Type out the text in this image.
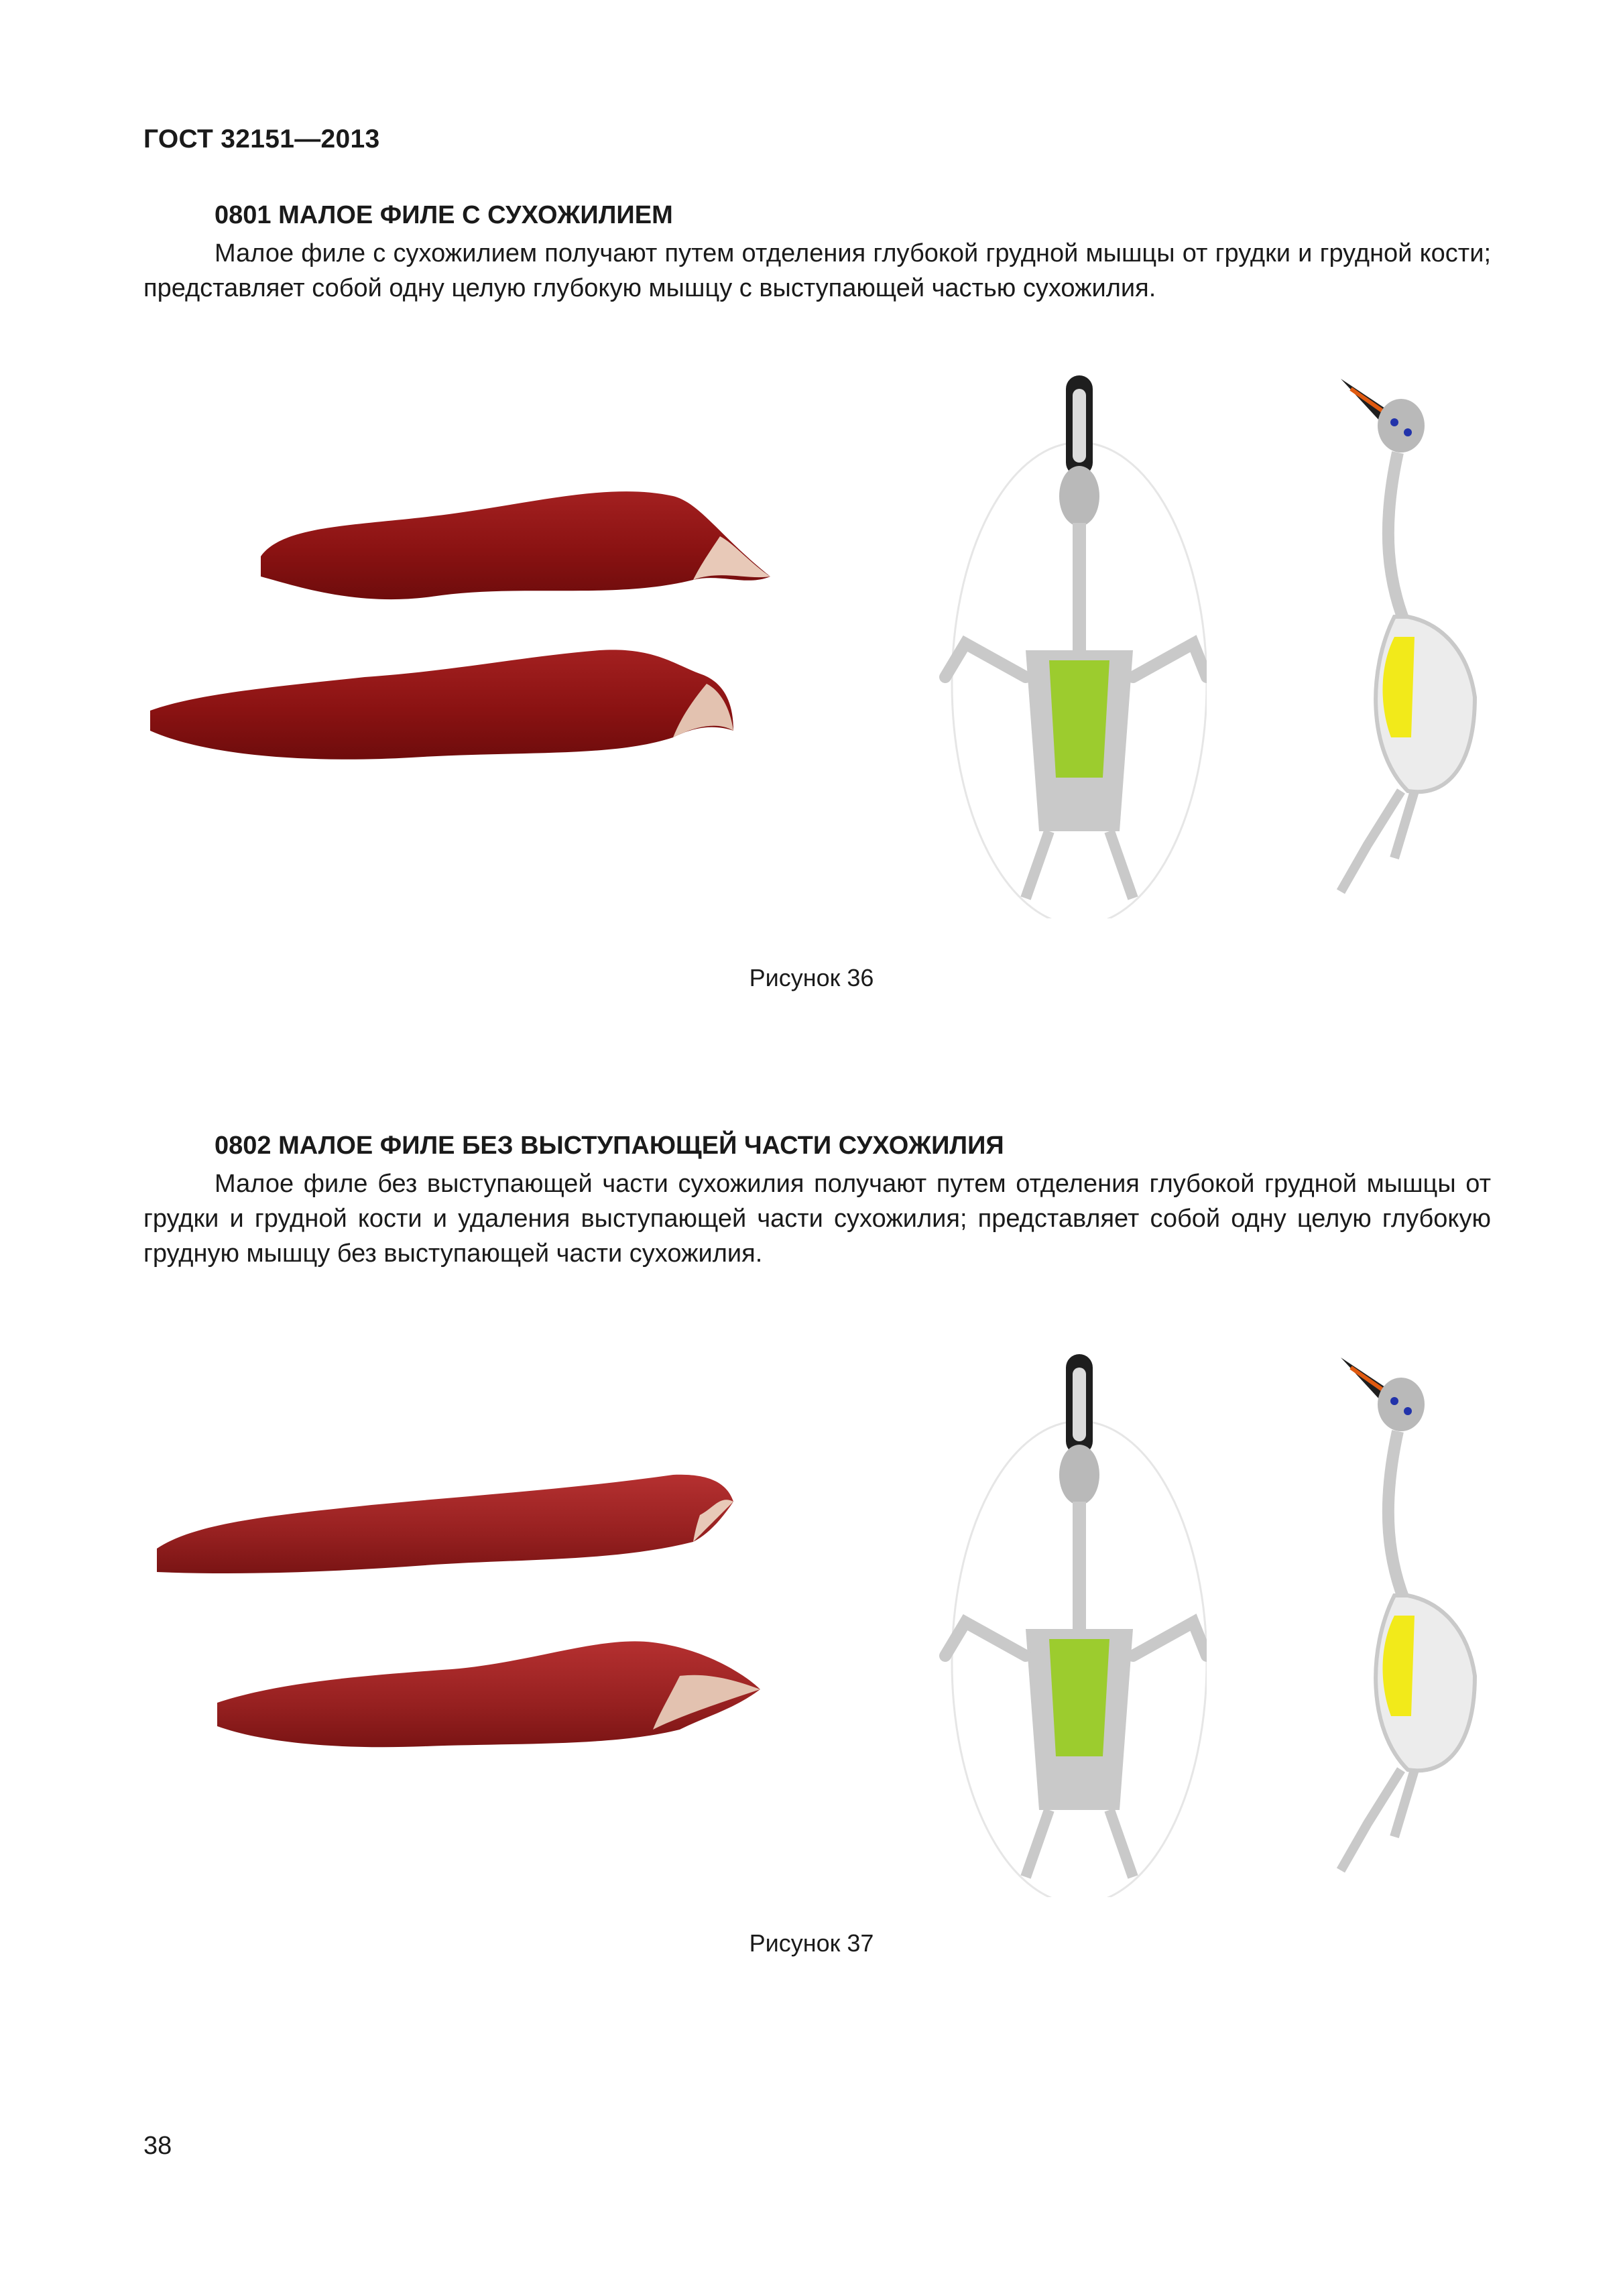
ГОСТ 32151—2013
0801 МАЛОЕ ФИЛЕ С СУХОЖИЛИЕМ

Малое филе с сухожилием получают путем отделения глубокой грудной мышцы от грудки и грудной кости; представляет собой одну целую глубокую мышцу с выступающей частью сухожилия.

Рисунок 36
0802 МАЛОЕ ФИЛЕ БЕЗ ВЫСТУПАЮЩЕЙ ЧАСТИ СУХОЖИЛИЯ

Малое филе без выступающей части сухожилия получают путем отделения глубокой грудной мышцы от грудки и грудной кости и удаления выступающей части сухожилия; представляет собой одну целую глубокую грудную мышцу без выступающей части сухожилия.

Рисунок 37
38
